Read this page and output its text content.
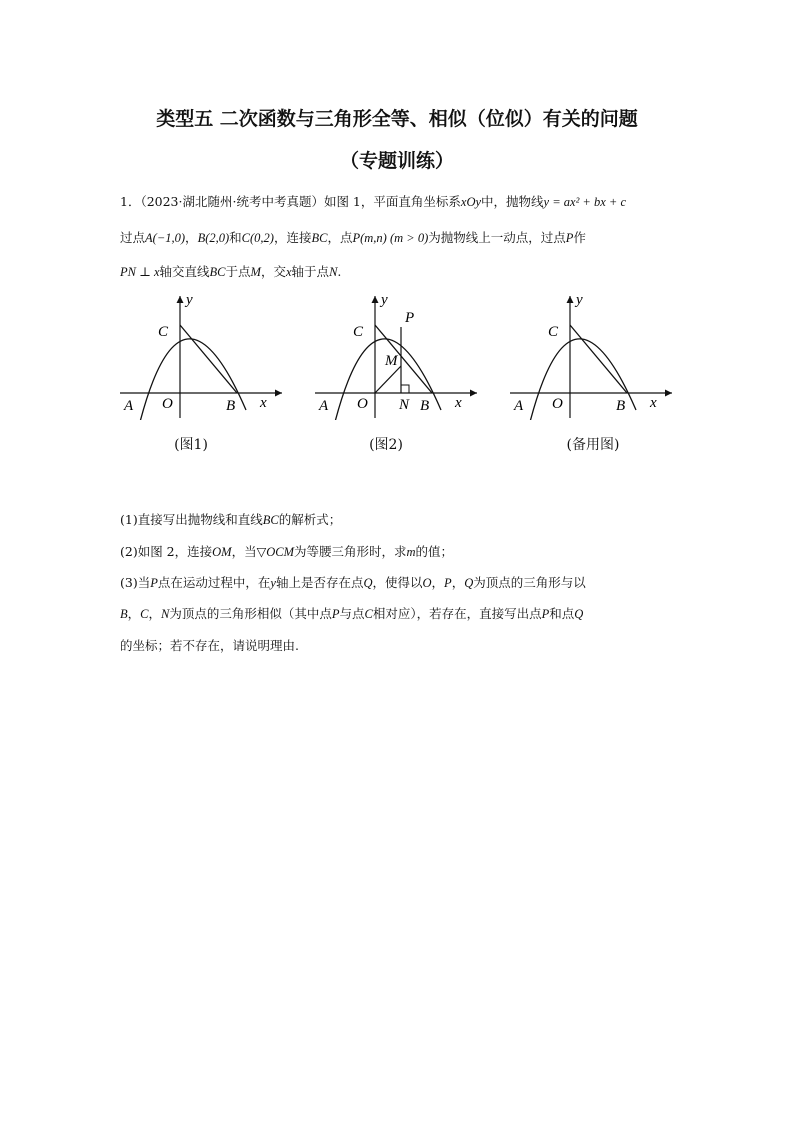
类型五 二次函数与三角形全等、相似（位似）有关的问题
（专题训练）
1．（2023·湖北随州·统考中考真题）如图 1，平面直角坐标系xOy中，抛物线y = ax² + bx + c
过点A(−1,0)，B(2,0)和C(0,2)，连接BC，点P(m,n) (m > 0)为抛物线上一动点，过点P作
PN ⊥ x轴交直线BC于点M，交x轴于点N.
y
x
C
A O	B
(图1)
y
x
P
C
M
A O N B
(图2)
y
x
C
A O	B
(备用图)
(1)直接写出抛物线和直线BC的解析式；
(2)如图 2，连接OM，当▽OCM为等腰三角形时，求m的值；
(3)当P点在运动过程中，在y轴上是否存在点Q，使得以O，P，Q为顶点的三角形与以
B，C，N为顶点的三角形相似（其中点P与点C相对应），若存在，直接写出点P和点Q
的坐标；若不存在，请说明理由.
